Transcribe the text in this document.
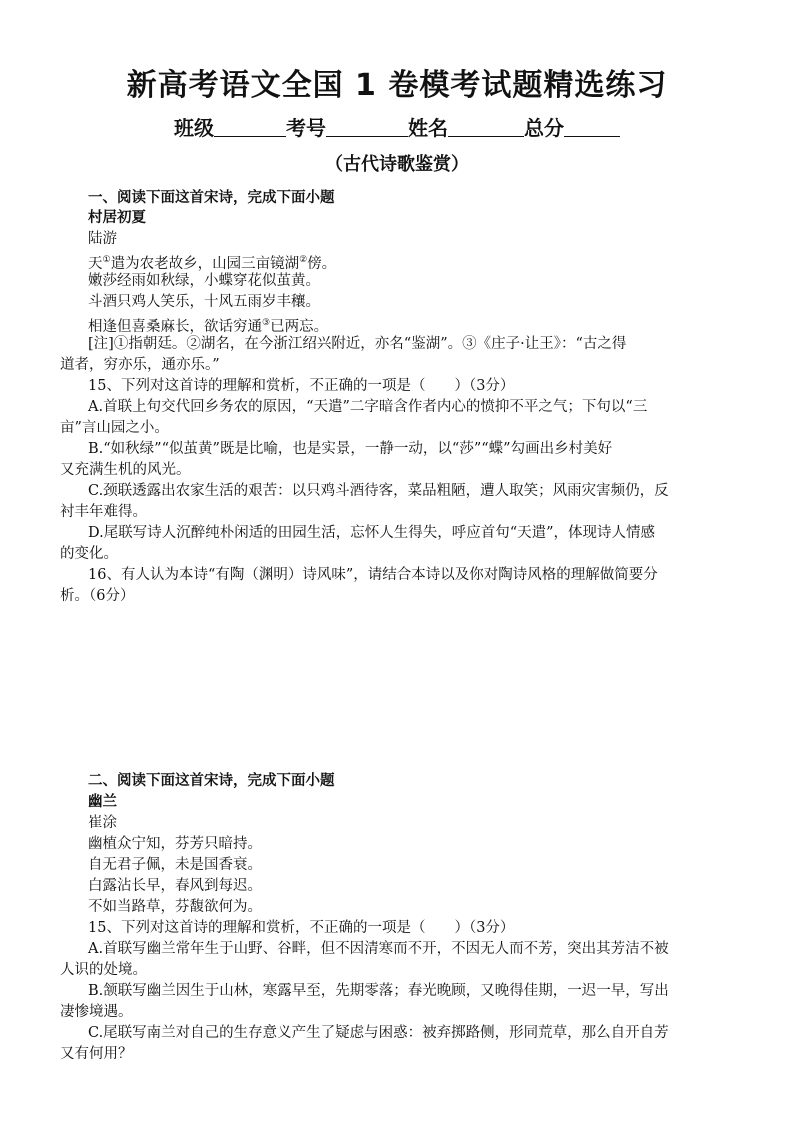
新高考语文全国 1 卷模考试题精选练习
班级	考号	姓名	总分
（古代诗歌鉴赏）
一、阅读下面这首宋诗，完成下面小题
村居初夏
陆游
天①遣为农老故乡，山园三亩镜湖②傍。
嫩莎经雨如秋绿，小蝶穿花似茧黄。
斗酒只鸡人笑乐，十风五雨岁丰穰。
相逢但喜桑麻长，欲话穷通③已两忘。
[注]①指朝廷。②湖名，在今浙江绍兴附近，亦名“鉴湖”。③《庄子·让王》：“古之得
道者，穷亦乐，通亦乐。”
15、下列对这首诗的理解和赏析，不正确的一项是（　　）（3分）
A.首联上句交代回乡务农的原因，“天遣”二字暗含作者内心的愤抑不平之气；下句以“三
亩”言山园之小。
B.“如秋绿”“似茧黄”既是比喻，也是实景，一静一动，以“莎”“蝶”勾画出乡村美好
又充满生机的风光。
C.颈联透露出农家生活的艰苦：以只鸡斗酒待客，菜品粗陋，遭人取笑；风雨灾害频仍，反
衬丰年难得。
D.尾联写诗人沉醉纯朴闲适的田园生活，忘怀人生得失，呼应首句“天遣”，体现诗人情感
的变化。
16、有人认为本诗“有陶（渊明）诗风味”，请结合本诗以及你对陶诗风格的理解做简要分
析。（6分）
二、阅读下面这首宋诗，完成下面小题
幽兰
崔涂
幽植众宁知，芬芳只暗持。
自无君子佩，未是国香衰。
白露沾长早，春风到每迟。
不如当路草，芬馥欲何为。
15、下列对这首诗的理解和赏析，不正确的一项是（　　）（3分）
A.首联写幽兰常年生于山野、谷畔，但不因清寒而不开，不因无人而不芳，突出其芳洁不被
人识的处境。
B.颔联写幽兰因生于山林，寒露早至，先期零落；春光晚顾，又晚得佳期，一迟一早，写出
凄惨境遇。
C.尾联写南兰对自己的生存意义产生了疑虑与困惑：被弃掷路侧，形同荒草，那么自开自芳
又有何用？
